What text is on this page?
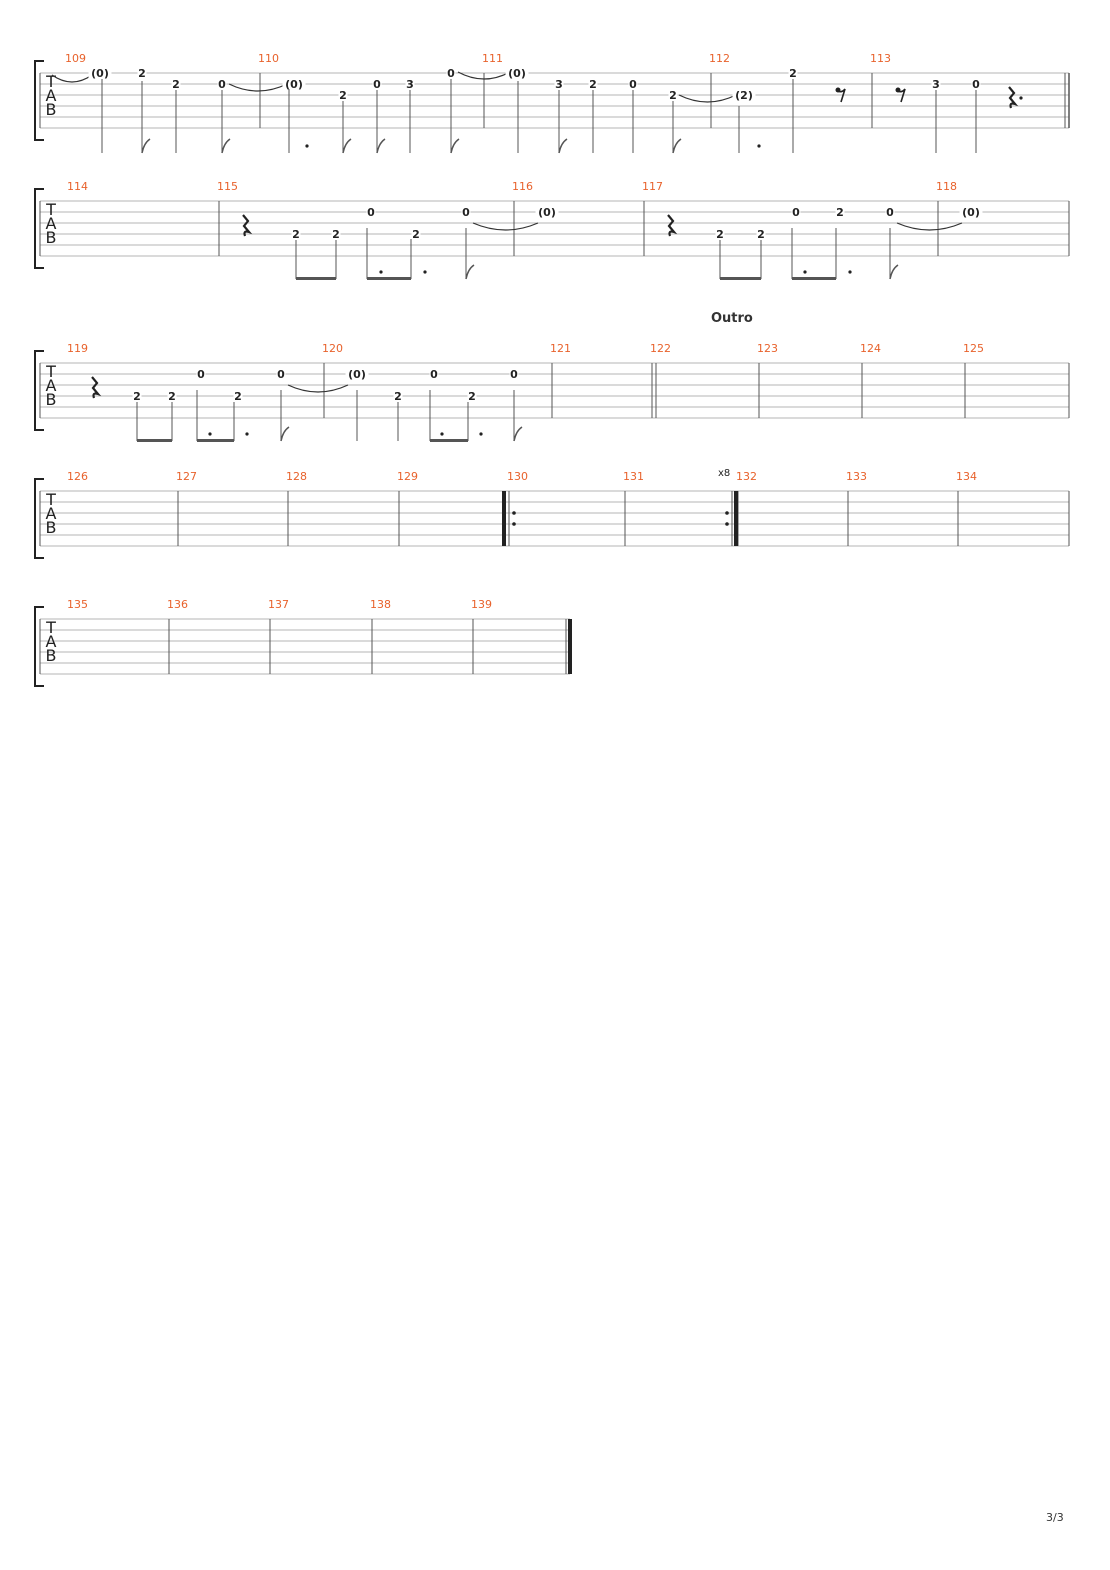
Outro
3/3
T
A
B
109	110	111	112	113
T
A
B
114	115	116	117	118
T
A
B
119	120	121	122	123	124	125
T
A
B
126	127	128	129	130	131	132	133	134
x8
T
A
B
135	136	137	138	139
(0)	2
2	0	(0)
2
0 3
0	(0)
3 2	0
2	(2)
2
3	0
2	2
0
2
0	(0)
2	2
0	2	0	(0)
2 2
0
2
0	(0)
2
0
2
0
